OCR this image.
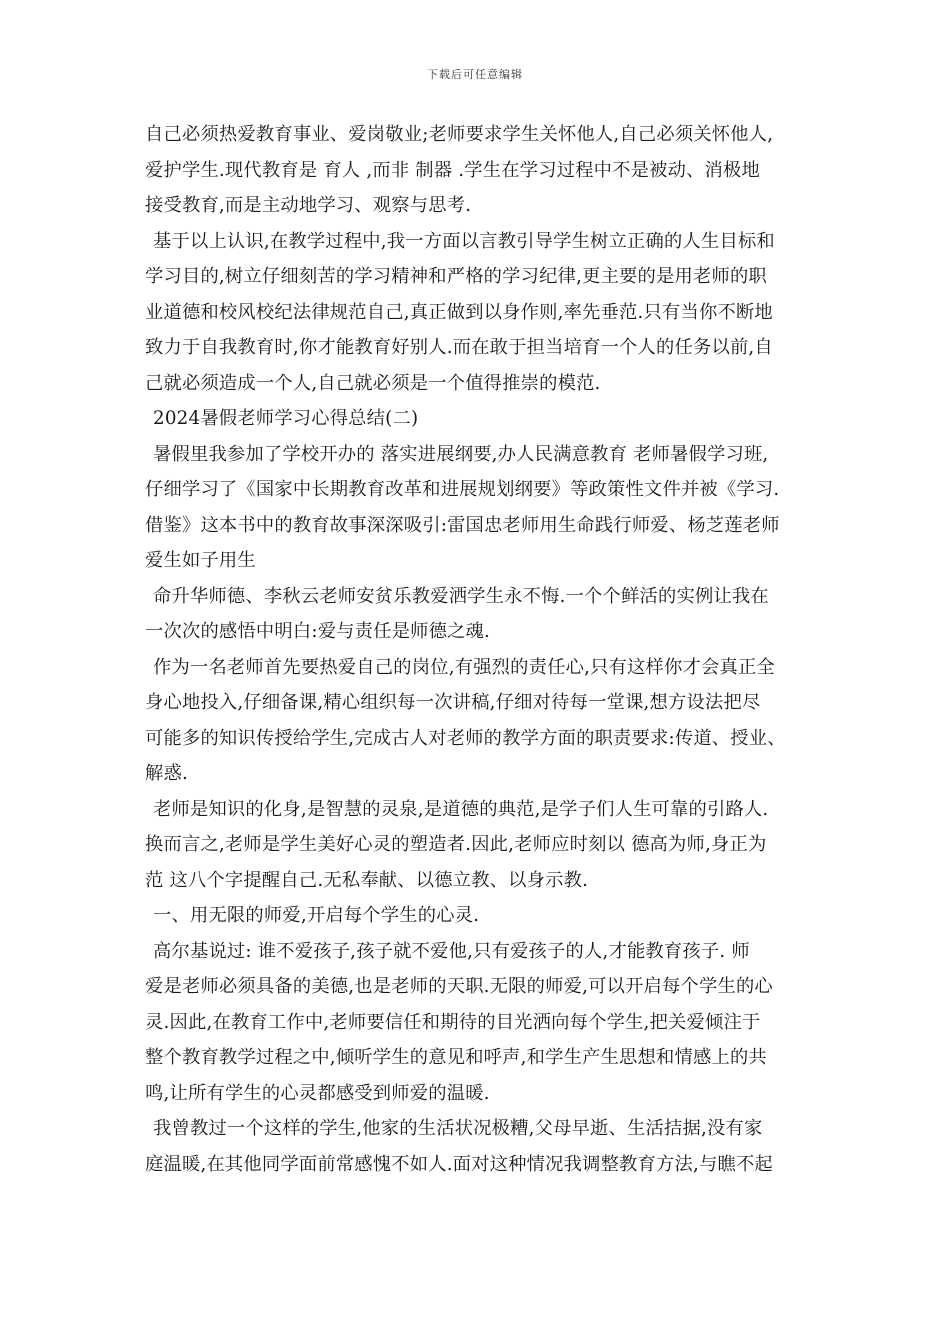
下载后可任意编辑
自己必须热爱教育事业、爱岗敬业;老师要求学生关怀他人,自己必须关怀他人,
爱护学生.现代教育是 育人 ,而非 制器 .学生在学习过程中不是被动、消极地
接受教育,而是主动地学习、观察与思考.
基于以上认识,在教学过程中,我一方面以言教引导学生树立正确的人生目标和
学习目的,树立仔细刻苦的学习精神和严格的学习纪律,更主要的是用老师的职
业道德和校风校纪法律规范自己,真正做到以身作则,率先垂范.只有当你不断地
致力于自我教育时,你才能教育好别人.而在敢于担当培育一个人的任务以前,自
己就必须造成一个人,自己就必须是一个值得推崇的模范.
2024暑假老师学习心得总结(二)
暑假里我参加了学校开办的 落实进展纲要,办人民满意教育 老师暑假学习班,
仔细学习了《国家中长期教育改革和进展规划纲要》等政策性文件并被《学习.
借鉴》这本书中的教育故事深深吸引:雷国忠老师用生命践行师爱、杨芝莲老师
爱生如子用生
命升华师德、李秋云老师安贫乐教爱洒学生永不悔.一个个鲜活的实例让我在
一次次的感悟中明白:爱与责任是师德之魂.
作为一名老师首先要热爱自己的岗位,有强烈的责任心,只有这样你才会真正全
身心地投入,仔细备课,精心组织每一次讲稿,仔细对待每一堂课,想方设法把尽
可能多的知识传授给学生,完成古人对老师的教学方面的职责要求:传道、授业、
解惑.
老师是知识的化身,是智慧的灵泉,是道德的典范,是学子们人生可靠的引路人.
换而言之,老师是学生美好心灵的塑造者.因此,老师应时刻以 德高为师,身正为
范 这八个字提醒自己.无私奉献、以德立教、以身示教.
一、用无限的师爱,开启每个学生的心灵.
高尔基说过: 谁不爱孩子,孩子就不爱他,只有爱孩子的人,才能教育孩子. 师
爱是老师必须具备的美德,也是老师的天职.无限的师爱,可以开启每个学生的心
灵.因此,在教育工作中,老师要信任和期待的目光洒向每个学生,把关爱倾注于
整个教育教学过程之中,倾听学生的意见和呼声,和学生产生思想和情感上的共
鸣,让所有学生的心灵都感受到师爱的温暖.
我曾教过一个这样的学生,他家的生活状况极糟,父母早逝、生活拮据,没有家
庭温暖,在其他同学面前常感愧不如人.面对这种情况我调整教育方法,与瞧不起
